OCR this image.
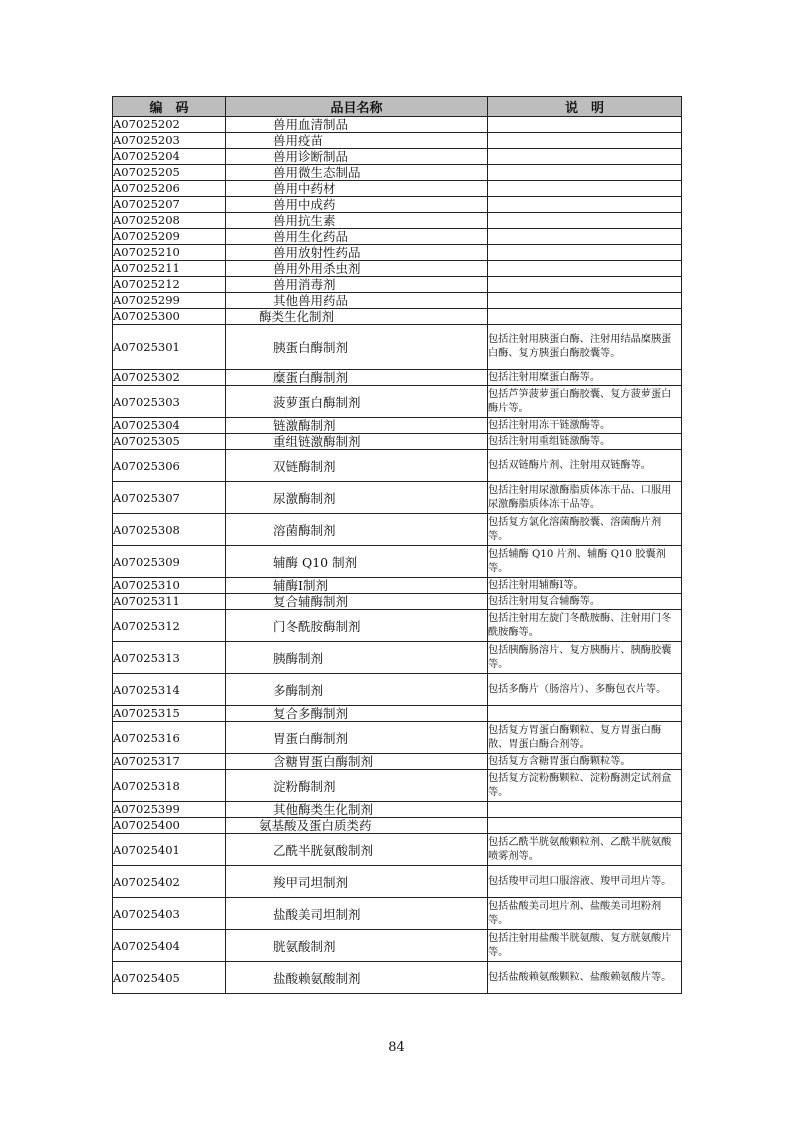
编　码	品目名称	说　明
A07025202	兽用血清制品	
A07025203	兽用疫苗	
A07025204	兽用诊断制品	
A07025205	兽用微生态制品	
A07025206	兽用中药材	
A07025207	兽用中成药	
A07025208	兽用抗生素	
A07025209	兽用生化药品	
A07025210	兽用放射性药品	
A07025211	兽用外用杀虫剂	
A07025212	兽用消毒剂	
A07025299	其他兽用药品	
A07025300	酶类生化制剂	
A07025301	胰蛋白酶制剂	包括注射用胰蛋白酶、注射用结晶糜胰蛋白酶、复方胰蛋白酶胶囊等。
A07025302	糜蛋白酶制剂	包括注射用糜蛋白酶等。
A07025303	菠萝蛋白酶制剂	包括芦笋菠萝蛋白酶胶囊、复方菠萝蛋白酶片等。
A07025304	链激酶制剂	包括注射用冻干链激酶等。
A07025305	重组链激酶制剂	包括注射用重组链激酶等。
A07025306	双链酶制剂	包括双链酶片剂、注射用双链酶等。
A07025307	尿激酶制剂	包括注射用尿激酶脂质体冻干品、口服用尿激酶脂质体冻干品等。
A07025308	溶菌酶制剂	包括复方氯化溶菌酶胶囊、溶菌酶片剂等。
A07025309	辅酶 Q10 制剂	包括辅酶 Q10 片剂、辅酶 Q10 胶囊剂等。
A07025310	辅酶Ⅰ制剂	包括注射用辅酶Ⅰ等。
A07025311	复合辅酶制剂	包括注射用复合辅酶等。
A07025312	门冬酰胺酶制剂	包括注射用左旋门冬酰胺酶、注射用门冬酰胺酶等。
A07025313	胰酶制剂	包括胰酶肠溶片、复方胰酶片、胰酶胶囊等。
A07025314	多酶制剂	包括多酶片（肠溶片）、多酶包衣片等。
A07025315	复合多酶制剂	
A07025316	胃蛋白酶制剂	包括复方胃蛋白酶颗粒、复方胃蛋白酶散、胃蛋白酶合剂等。
A07025317	含糖胃蛋白酶制剂	包括复方含糖胃蛋白酶颗粒等。
A07025318	淀粉酶制剂	包括复方淀粉酶颗粒、淀粉酶测定试剂盒等。
A07025399	其他酶类生化制剂	
A07025400	氨基酸及蛋白质类药	
A07025401	乙酰半胱氨酸制剂	包括乙酰半胱氨酸颗粒剂、乙酰半胱氨酸喷雾剂等。
A07025402	羧甲司坦制剂	包括羧甲司坦口服溶液、羧甲司坦片等。
A07025403	盐酸美司坦制剂	包括盐酸美司坦片剂、盐酸美司坦粉剂等。
A07025404	胱氨酸制剂	包括注射用盐酸半胱氨酸、复方胱氨酸片等。
A07025405	盐酸赖氨酸制剂	包括盐酸赖氨酸颗粒、盐酸赖氨酸片等。
84
